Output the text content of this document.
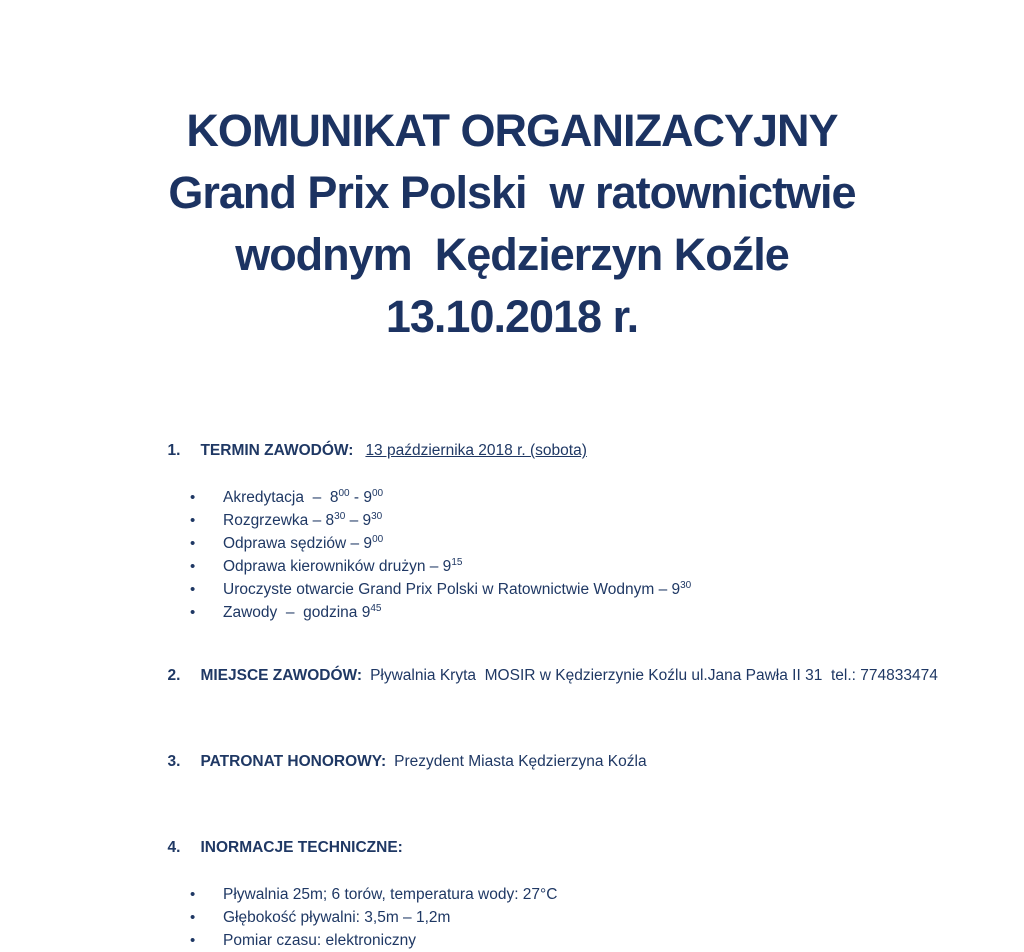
KOMUNIKAT ORGANIZACYJNY
Grand Prix Polski  w ratownictwie
wodnym  Kędzierzyn Koźle
13.10.2018 r.

1. TERMIN ZAWODÓW: 13 października 2018 r. (sobota)

•
Akredytacja  –  $8^{00} - 9^{00}$
•
Rozgrzewka – $8^{30} - 9^{30}$
•
Odprawa sędziów – $9^{00}$
•
Odprawa kierowników drużyn – $9^{15}$
•
Uroczyste otwarcie Grand Prix Polski w Ratownictwie Wodnym – $9^{30}$
•
Zawody  –  godzina $9^{45}$

2. MIEJSCE ZAWODÓW: Pływalnia Kryta  MOSIR w Kędzierzynie Koźlu ul.Jana Pawła II 31  tel.: 774833474

3. PATRONAT HONOROWY: Prezydent Miasta Kędzierzyna Koźla

4. INORMACJE TECHNICZNE:

•
Pływalnia 25m; 6 torów, temperatura wody: 27°C
•
Głębokość pływalni: 3,5m – 1,2m
•
Pomiar czasu: elektroniczny
